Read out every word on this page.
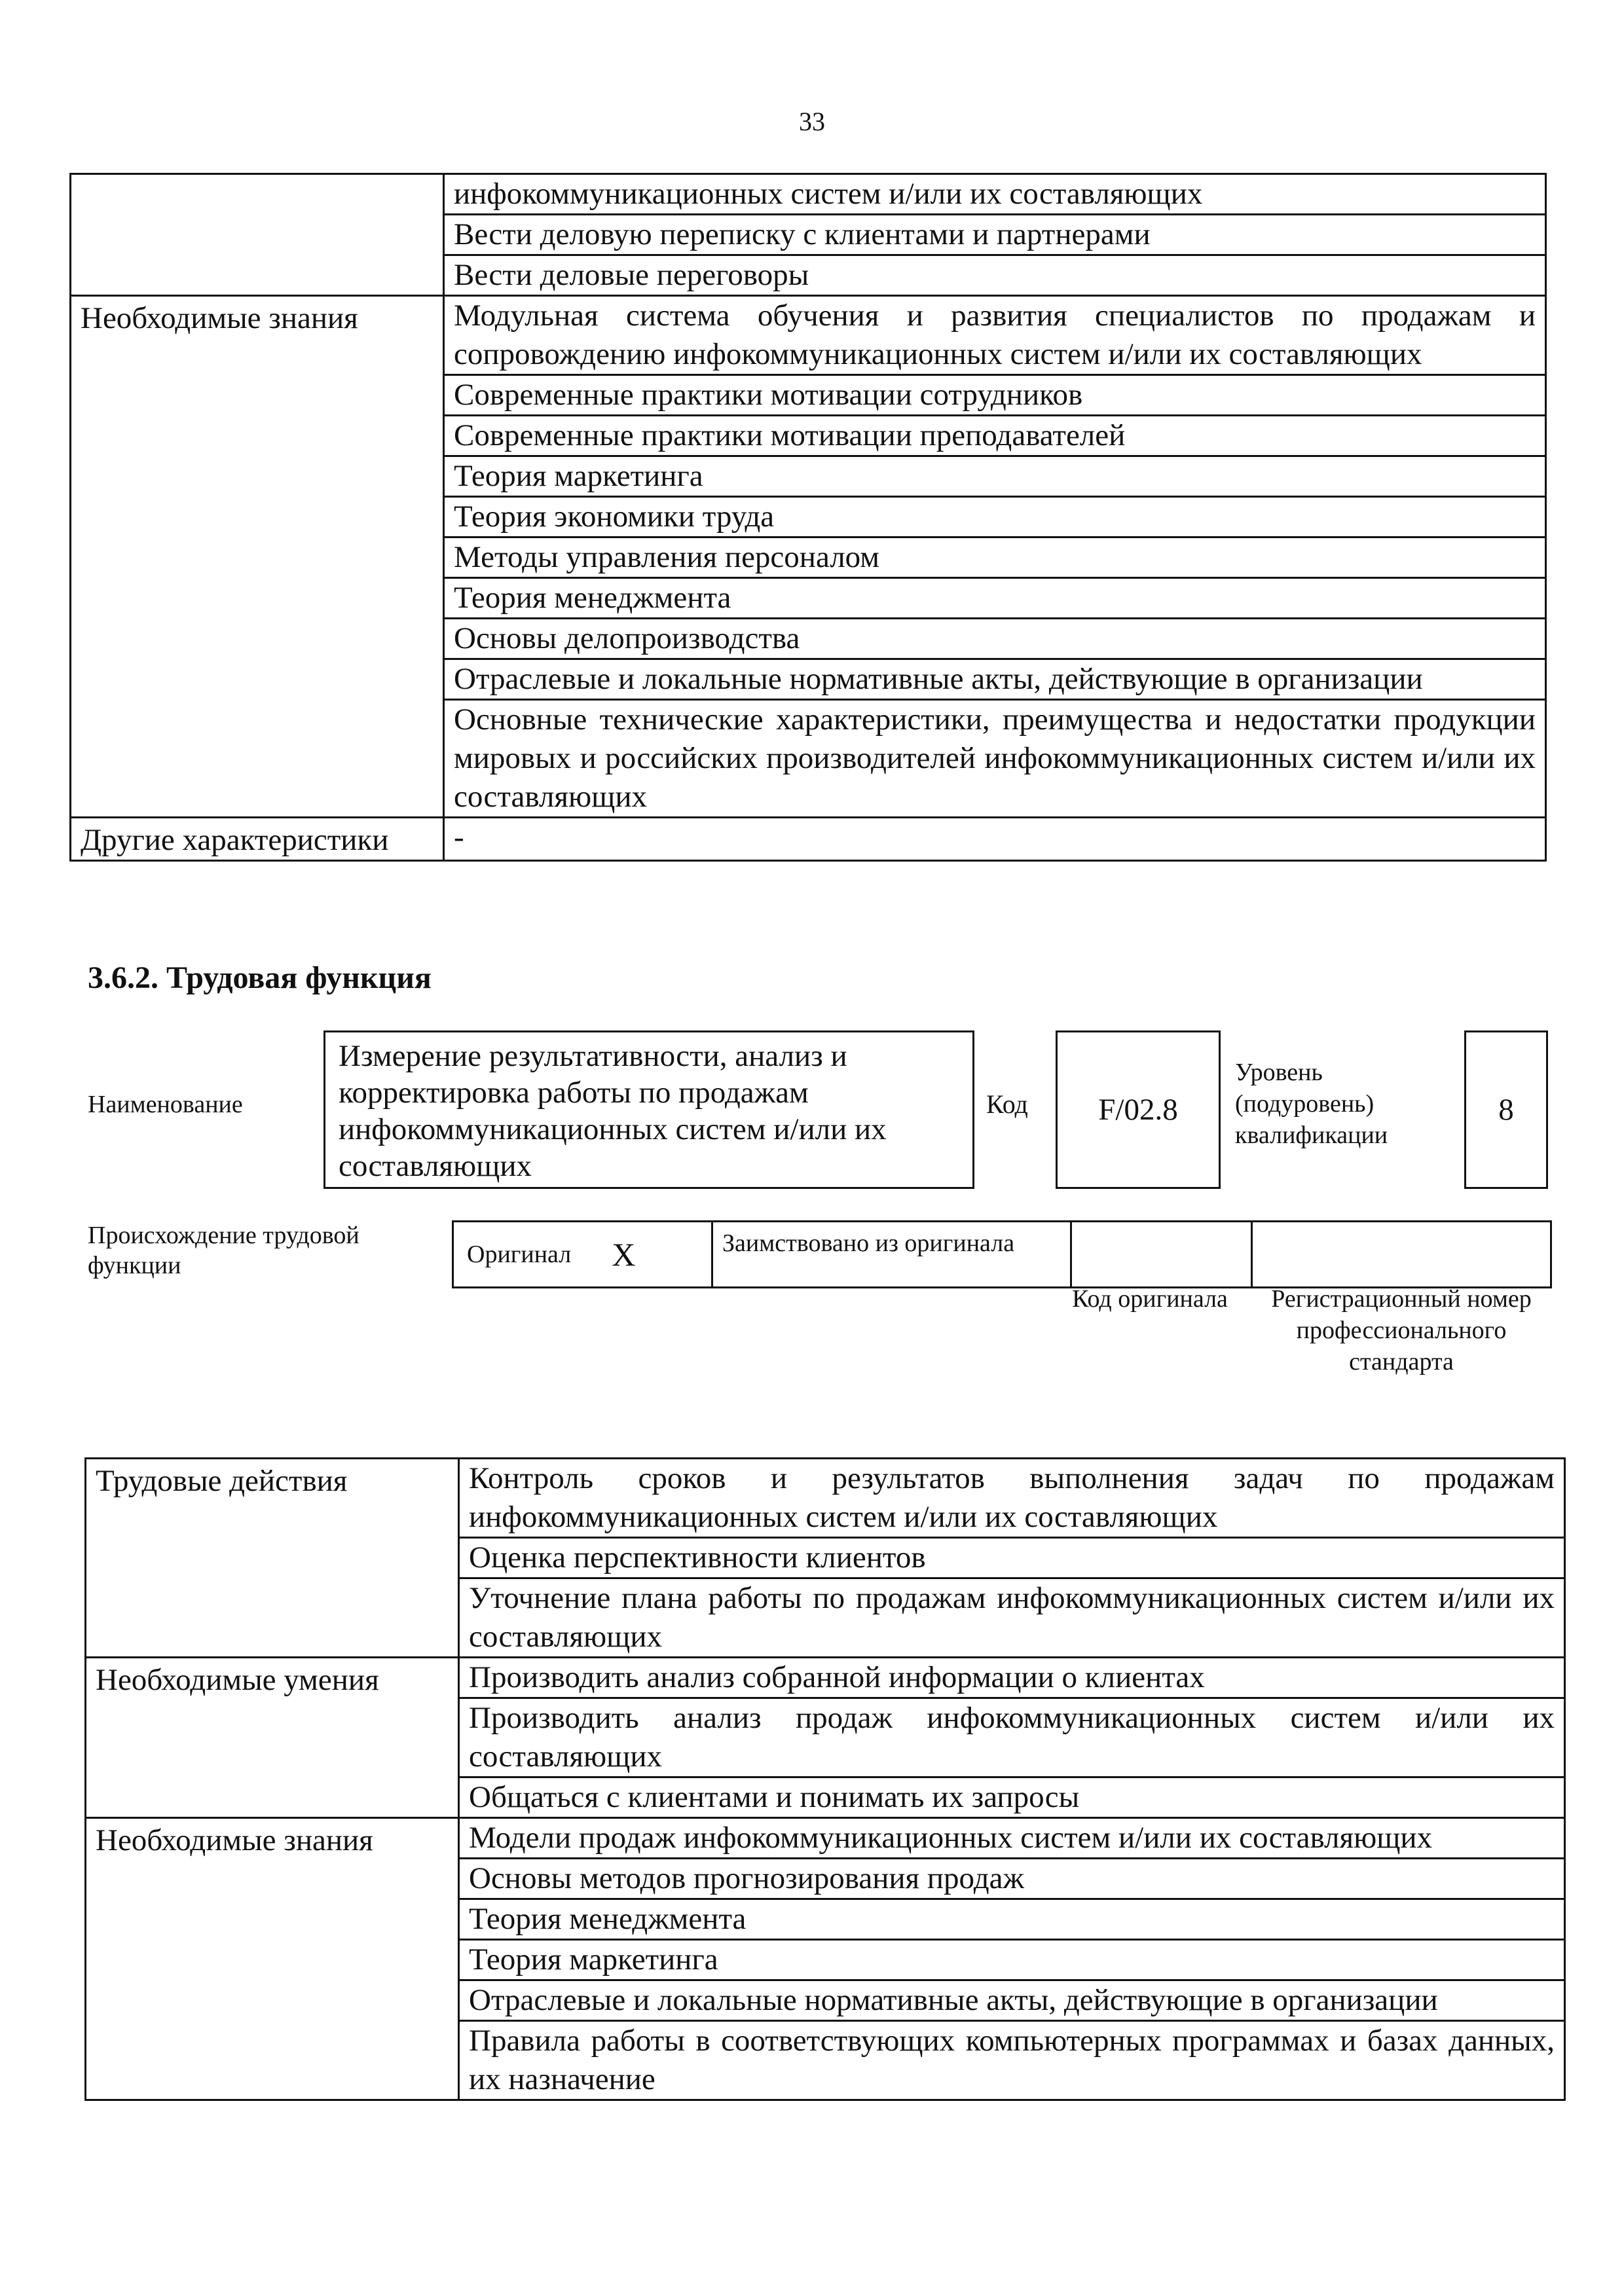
33
	инфокоммуникационных систем и/или их составляющих
	Вести деловую переписку с клиентами и партнерами
	Вести деловые переговоры
Необходимые знания	Модульная система обучения и развития специалистов по продажам и сопровождению инфокоммуникационных систем и/или их составляющих
	Современные практики мотивации сотрудников
	Современные практики мотивации преподавателей
	Теория маркетинга
	Теория экономики труда
	Методы управления персоналом
	Теория менеджмента
	Основы делопроизводства
	Отраслевые и локальные нормативные акты, действующие в организации
	Основные технические характеристики, преимущества и недостатки продукции мировых и российских производителей инфокоммуникационных систем и/или их составляющих
Другие характеристики	-
3.6.2. Трудовая функция
Наименование
Измерение результативности, анализ и корректировка работы по продажам инфокоммуникационных систем и/или их составляющих
Код	F/02.8
Уровень (подуровень) квалификации
8
Происхождение трудовой функции	Оригинал X	Заимствовано из оригинала
Код оригинала	Регистрационный номер профессионального стандарта
Трудовые действия	Контроль сроков и результатов выполнения задач по продажам инфокоммуникационных систем и/или их составляющих
	Оценка перспективности клиентов
	Уточнение плана работы по продажам инфокоммуникационных систем и/или их составляющих
Необходимые умения	Производить анализ собранной информации о клиентах
	Производить анализ продаж инфокоммуникационных систем и/или их составляющих
	Общаться с клиентами и понимать их запросы
Необходимые знания	Модели продаж инфокоммуникационных систем и/или их составляющих
	Основы методов прогнозирования продаж
	Теория менеджмента
	Теория маркетинга
	Отраслевые и локальные нормативные акты, действующие в организации
	Правила работы в соответствующих компьютерных программах и базах данных, их назначение
